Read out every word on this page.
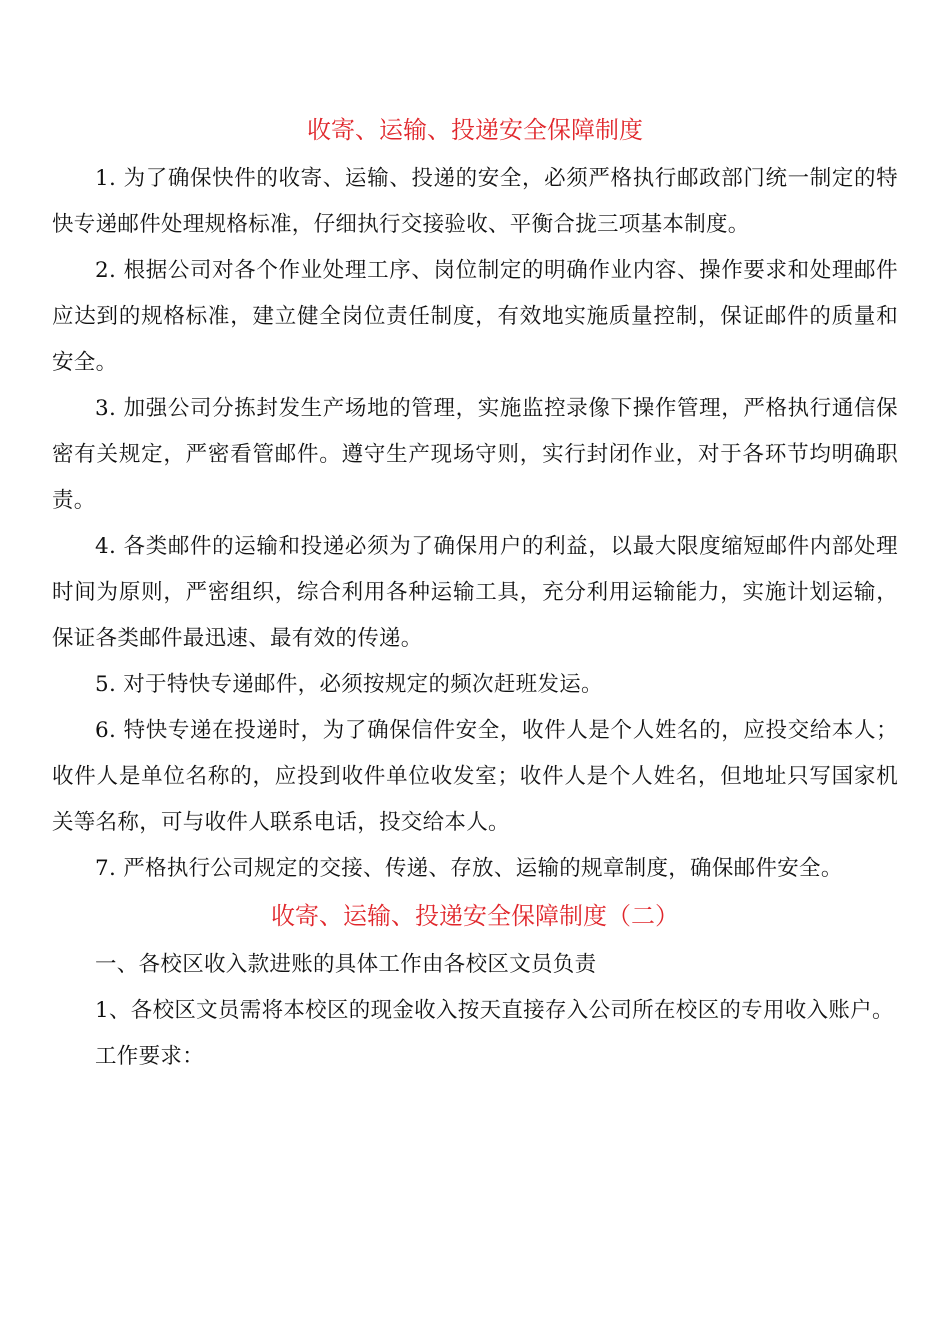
收寄、运输、投递安全保障制度

1. 为了确保快件的收寄、运输、投递的安全，必须严格执行邮政部门统一制定的特快专递邮件处理规格标准，仔细执行交接验收、平衡合拢三项基本制度。

2. 根据公司对各个作业处理工序、岗位制定的明确作业内容、操作要求和处理邮件应达到的规格标准，建立健全岗位责任制度，有效地实施质量控制，保证邮件的质量和安全。

3. 加强公司分拣封发生产场地的管理，实施监控录像下操作管理，严格执行通信保密有关规定，严密看管邮件。遵守生产现场守则，实行封闭作业，对于各环节均明确职责。

4. 各类邮件的运输和投递必须为了确保用户的利益，以最大限度缩短邮件内部处理时间为原则，严密组织，综合利用各种运输工具，充分利用运输能力，实施计划运输，保证各类邮件最迅速、最有效的传递。

5. 对于特快专递邮件，必须按规定的频次赶班发运。

6. 特快专递在投递时，为了确保信件安全，收件人是个人姓名的，应投交给本人；收件人是单位名称的，应投到收件单位收发室；收件人是个人姓名，但地址只写国家机关等名称，可与收件人联系电话，投交给本人。

7. 严格执行公司规定的交接、传递、存放、运输的规章制度，确保邮件安全。

收寄、运输、投递安全保障制度（二）

一、各校区收入款进账的具体工作由各校区文员负责

1、各校区文员需将本校区的现金收入按天直接存入公司所在校区的专用收入账户。

工作要求：
